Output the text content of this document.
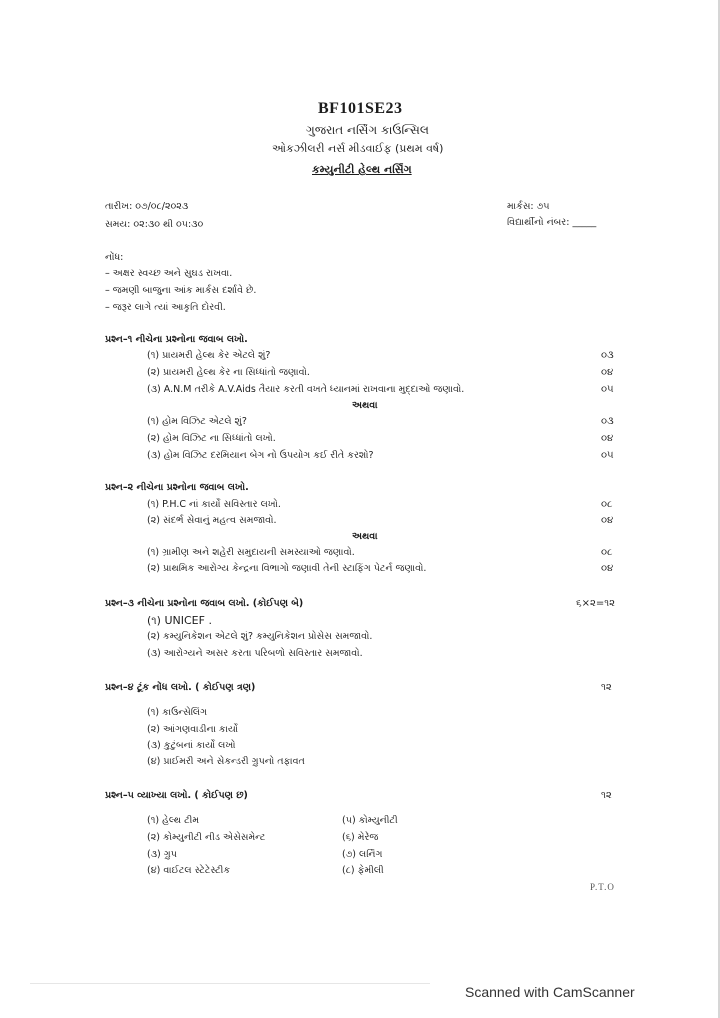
BF101SE23
ગુજરાત નર્સિંગ કાઉન્સિલ
ઓકઝીલરી નર્સ મીડવાઈફ (પ્રથમ વર્ષ)
કમ્યુનીટી હેલ્થ નર્સિંગ
તારીખ: ૦૭/૦૮/૨૦૨૩
સમય: ૦૨:૩૦ થી ૦૫:૩૦
માર્કસ: ૭૫
વિદ્યાર્થીનો નંબર: _____
નોંધ:
– અક્ષર સ્વચ્છ અને સુઘડ રાખવા.
– જમણી બાજુના આંક માર્કસ દર્શાવે છે.
– જરૂર લાગે ત્યાં આકૃતિ દોરવી.
પ્રશ્ન–૧ નીચેના પ્રશ્નોના જવાબ લખો.
(૧) પ્રાયમરી હેલ્થ કેર એટલે શું?	૦૩
(૨) પ્રાયમરી હેલ્થ કેર ના સિધ્ધાંતો જણાવો.	૦૪
(૩) A.N.M તરીકે A.V.Aids તૈયાર કરતી વખતે ધ્યાનમાં રાખવાના મુદ્દાઓ જણાવો.	૦૫
અથવા
(૧) હોમ વિઝિટ એટલે શું?	૦૩
(૨) હોમ વિઝિટ ના સિધ્ધાંતો લખો.	૦૪
(૩) હોમ વિઝિટ દરમિયાન બેગ નો ઉપયોગ કઈ રીતે કરશો?	૦૫
પ્રશ્ન–૨ નીચેના પ્રશ્નોના જવાબ લખો.
(૧) P.H.C નાં કાર્યો સવિસ્તાર લખો.	૦૮
(૨) સંદર્ભ સેવાનું મહત્વ સમજાવો.	૦૪
અથવા
(૧) ગ્રામીણ અને શહેરી સમુદાયની સમસ્યાઓ જણાવો.	૦૮
(૨) પ્રાથમિક આરોગ્ય કેન્દ્રના વિભાગો જણાવી તેની સ્ટાફિંગ પેટર્ન જણાવો.	૦૪
પ્રશ્ન–૩ નીચેના પ્રશ્નોના જવાબ લખો. (કોઈપણ બે)	૬×૨=૧૨
(૧) UNICEF .
(૨) કમ્યુનિકેશન એટલે શું? કમ્યુનિકેશન પ્રોસેસ સમજાવો.
(૩) આરોગ્યને અસર કરતા પરિબળો સવિસ્તાર સમજાવો.
પ્રશ્ન–૪ ટૂંક નોંધ લખો. ( કોઈપણ ત્રણ)	૧૨
(૧) કાઉન્સેલિંગ
(૨) આંગણવાડીના કાર્યો
(૩) કુટુંબનાં કાર્યો લખો
(૪) પ્રાઈમરી અને સેકન્ડરી ગ્રુપનો તફાવત
પ્રશ્ન–૫ વ્યાખ્યા લખો. ( કોઈપણ છ)	૧૨
(૧) હેલ્થ ટીમ
(૨) કોમ્યુનીટી નીડ એસેસમેન્ટ
(૩) ગ્રુપ
(૪) વાઈટલ સ્ટેટેસ્ટીક
(૫) કોમ્યુનીટી
(૬) મેરેજ
(૭) લર્નિંગ
(૮) ફેમીલી
P.T.O
Scanned with CamScanner
